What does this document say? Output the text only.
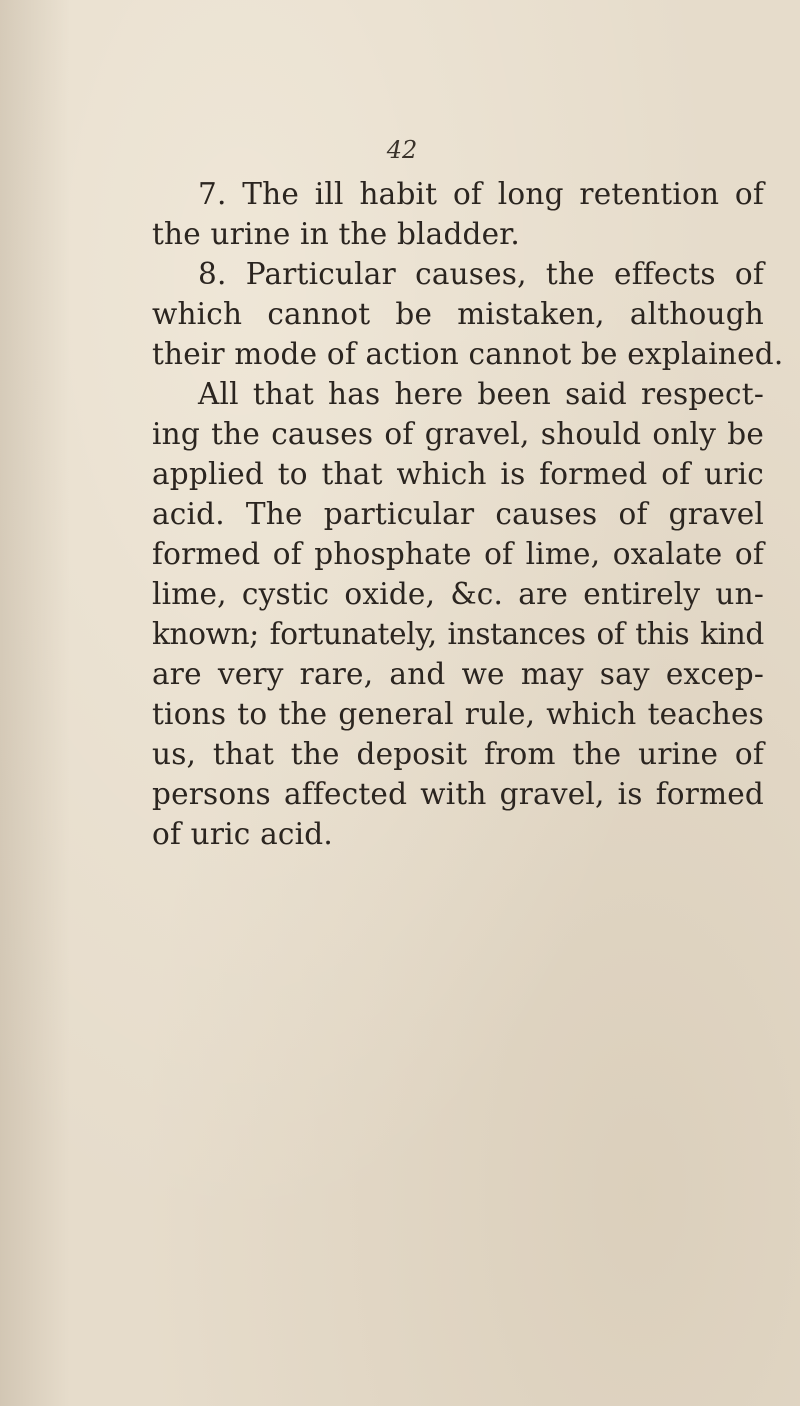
42

7. The ill habit of long retention of
the urine in the bladder.

8. Particular causes, the effects of
which cannot be mistaken, although
their mode of action cannot be explained.

All that has here been said respect-
ing the causes of gravel, should only be
applied to that which is formed of uric
acid. The particular causes of gravel
formed of phosphate of lime, oxalate of
lime, cystic oxide, &c. are entirely un-
known; fortunately, instances of this kind
are very rare, and we may say excep-
tions to the general rule, which teaches
us, that the deposit from the urine of
persons affected with gravel, is formed
of uric acid.
